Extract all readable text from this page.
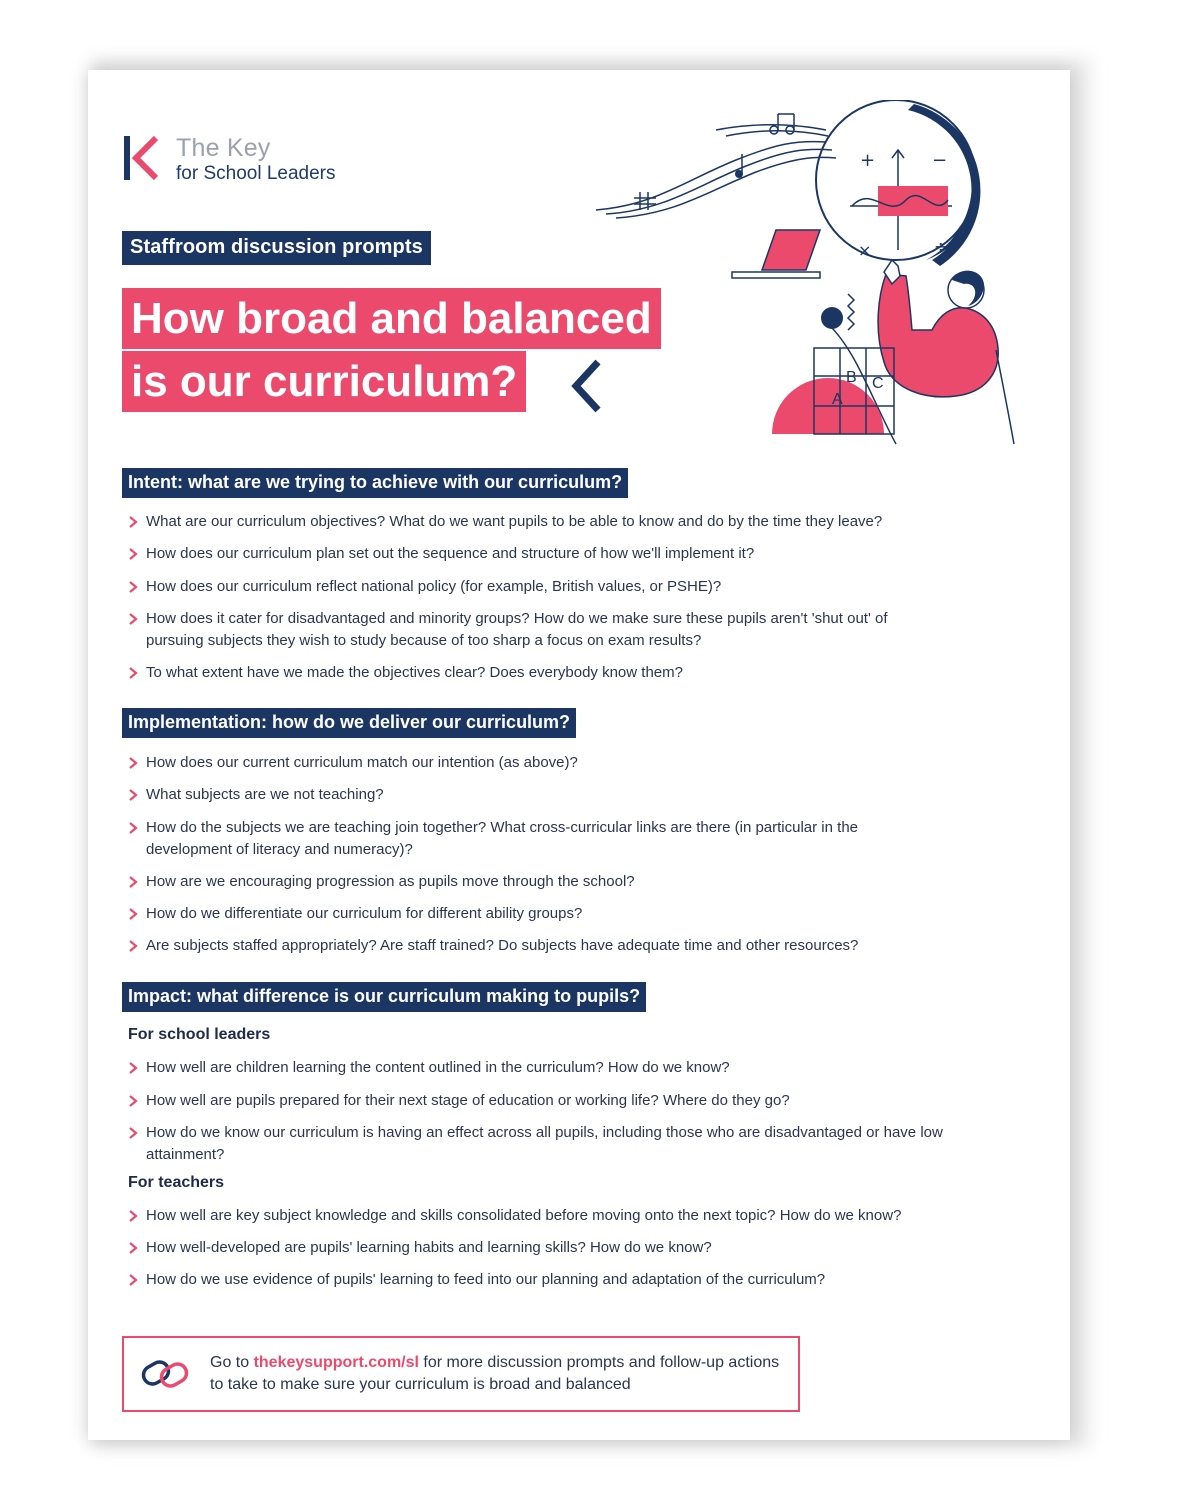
The Key
for School Leaders
Staffroom discussion prompts
How broad and balanced
is our curriculum?
+	−
×	÷
A
B C
Intent: what are we trying to achieve with our curriculum?
What are our curriculum objectives? What do we want pupils to be able to know and do by the time they leave?
How does our curriculum plan set out the sequence and structure of how we'll implement it?
How does our curriculum reflect national policy (for example, British values, or PSHE)?
How does it cater for disadvantaged and minority groups? How do we make sure these pupils aren't 'shut out' of pursuing subjects they wish to study because of too sharp a focus on exam results?
To what extent have we made the objectives clear? Does everybody know them?
Implementation: how do we deliver our curriculum?
How does our current curriculum match our intention (as above)?
What subjects are we not teaching?
How do the subjects we are teaching join together? What cross-curricular links are there (in particular in the development of literacy and numeracy)?
How are we encouraging progression as pupils move through the school?
How do we differentiate our curriculum for different ability groups?
Are subjects staffed appropriately? Are staff trained? Do subjects have adequate time and other resources?
Impact: what difference is our curriculum making to pupils?
For school leaders
How well are children learning the content outlined in the curriculum? How do we know?
How well are pupils prepared for their next stage of education or working life? Where do they go?
How do we know our curriculum is having an effect across all pupils, including those who are disadvantaged or have low attainment?
For teachers
How well are key subject knowledge and skills consolidated before moving onto the next topic? How do we know?
How well-developed are pupils' learning habits and learning skills? How do we know?
How do we use evidence of pupils' learning to feed into our planning and adaptation of the curriculum?
Go to thekeysupport.com/sl for more discussion prompts and follow-up actions to take to make sure your curriculum is broad and balanced
